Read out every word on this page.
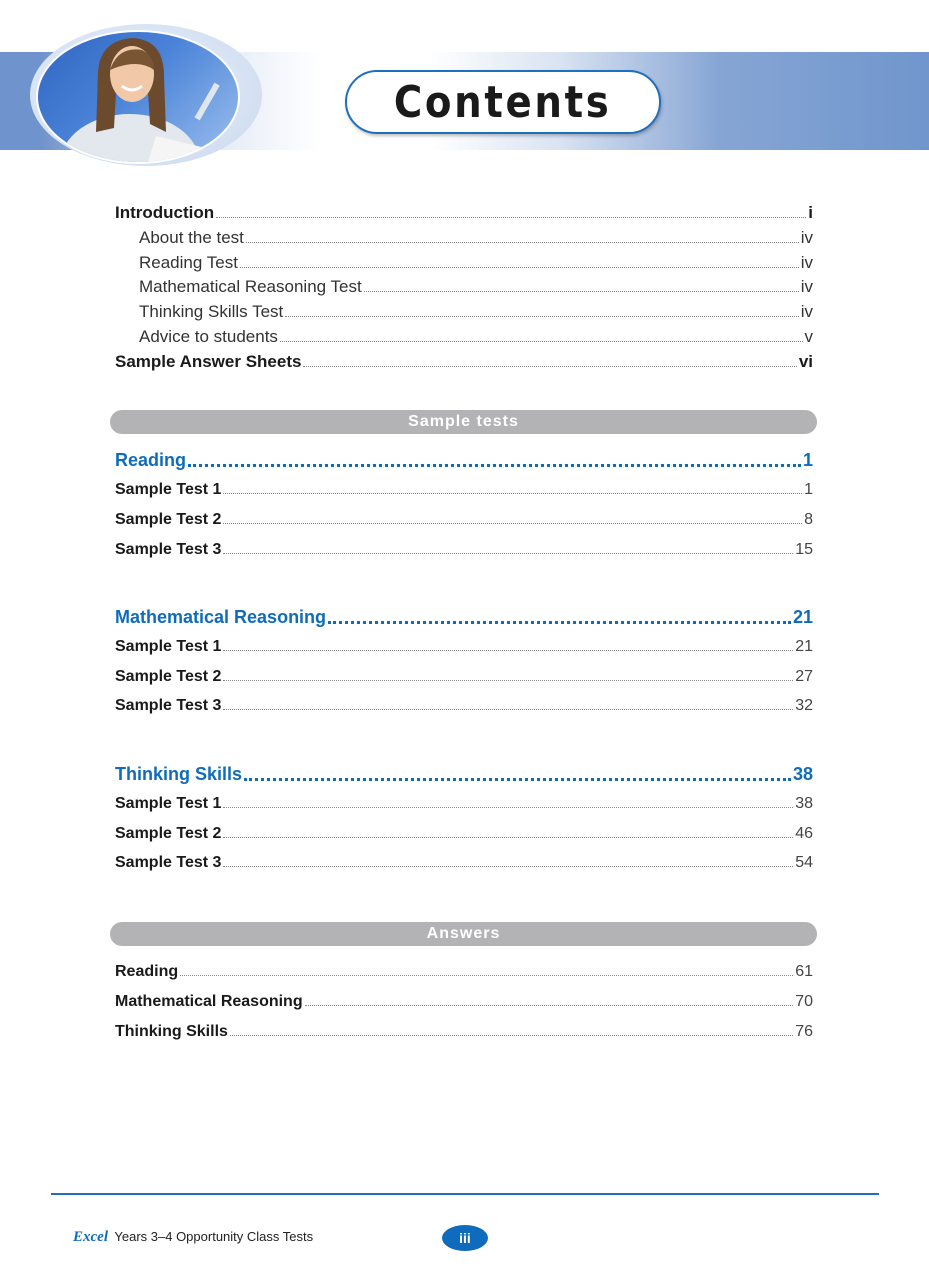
Contents
Introduction	i
About the test	iv
Reading Test	iv
Mathematical Reasoning Test	iv
Thinking Skills Test	iv
Advice to students	v
Sample Answer Sheets	vi
Sample tests
Reading	1
Sample Test 1	1
Sample Test 2	8
Sample Test 3	15
Mathematical Reasoning	21
Sample Test 1	21
Sample Test 2	27
Sample Test 3	32
Thinking Skills	38
Sample Test 1	38
Sample Test 2	46
Sample Test 3	54
Answers
Reading	61
Mathematical Reasoning	70
Thinking Skills	76
Excel Years 3–4 Opportunity Class Tests	iii
